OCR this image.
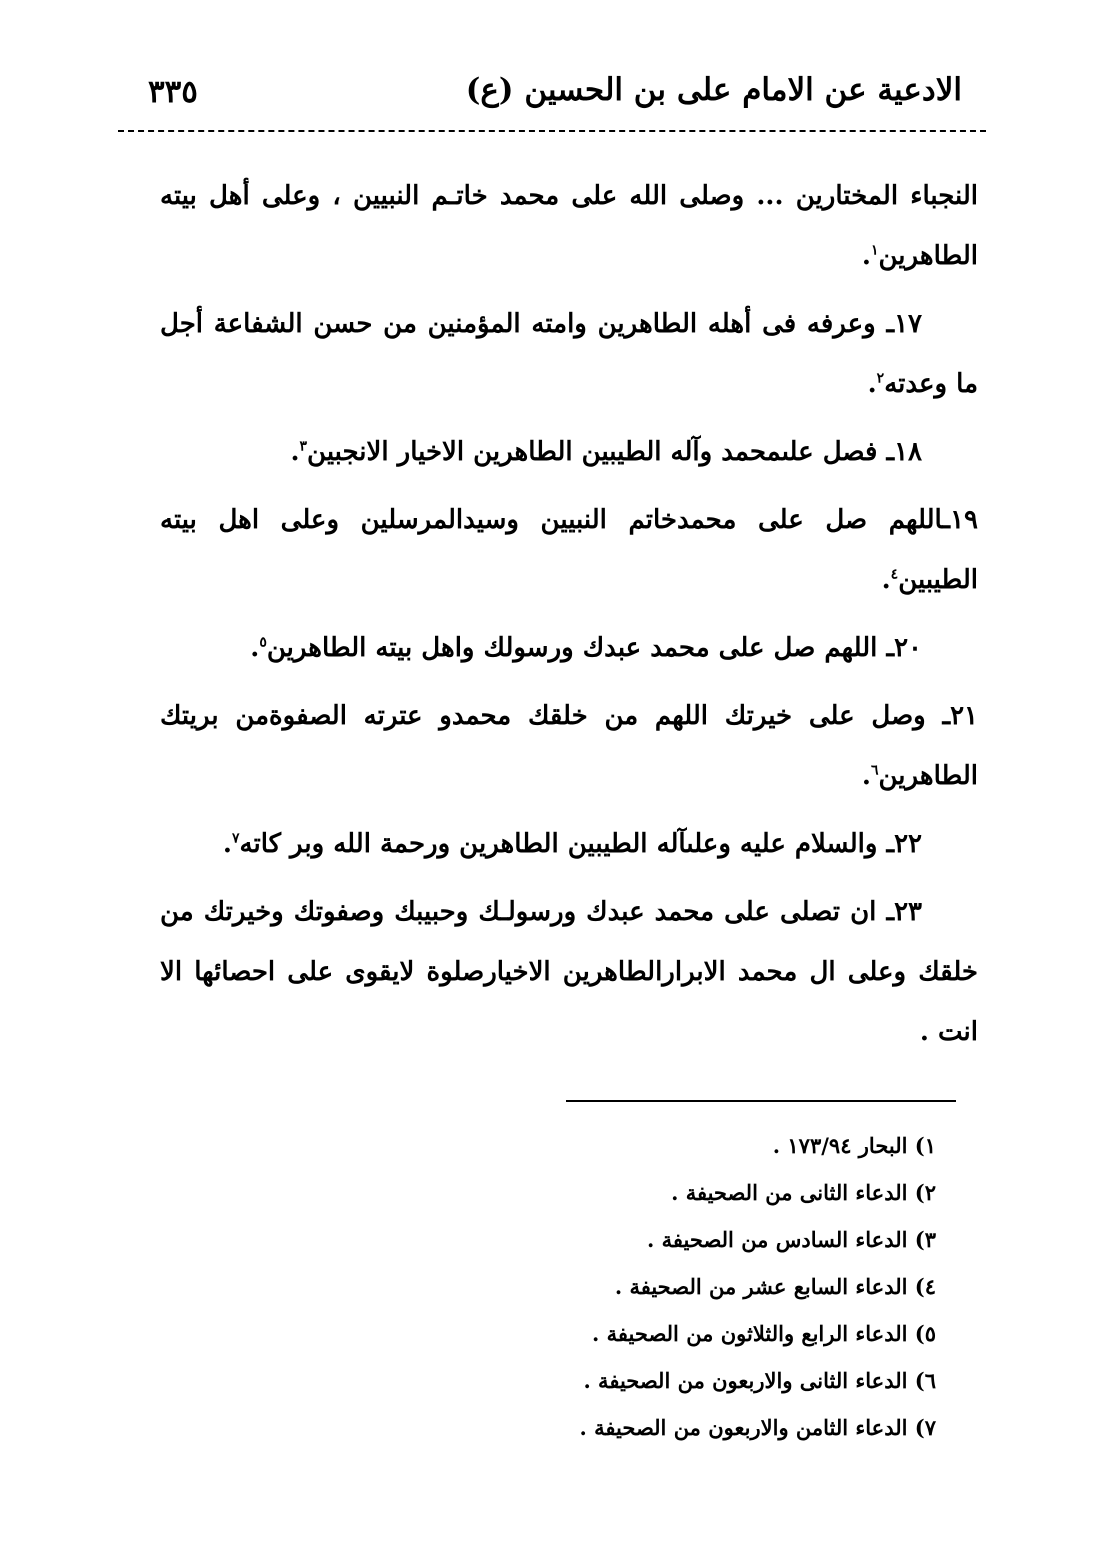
الادعية عن الامام على بن الحسين (ع)
٣٣٥

النجباء المختارين ... وصلى الله على محمد خاتـم النبيين ، وعلى أهل بيته الطاهرين$^١$.

١٧ـ وعرفه فى أهله الطاهرين وامته المؤمنين من حسن الشفاعة أجل ما وعدته$^٢$.

١٨ـ فصل علىمحمد وآله الطيبين الطاهرين الاخيار الانجبين$^٣$.

١٩ـاللهم صل على محمدخاتم النبيين وسيدالمرسلين وعلى اهل بيته الطيبين$^٤$.

٢٠ـ اللهم صل على محمد عبدك ورسولك واهل بيته الطاهرين$^٥$.

٢١ـ وصل على خيرتك اللهم من خلقك محمدو عترته الصفوةمن بريتك الطاهرين$^٦$.

٢٢ـ والسلام عليه وعلىآله الطيبين الطاهرين ورحمة الله وبر كاته$^٧$.

٢٣ـ ان تصلى على محمد عبدك ورسولـك وحبيبك وصفوتك وخيرتك من خلقك وعلى ال محمد الابرارالطاهرين الاخيارصلوة لايقوى على احصائها الا انت .

١) البحار ١٧٣/٩٤ .
٢) الدعاء الثانى من الصحيفة .
٣) الدعاء السادس من الصحيفة .
٤) الدعاء السابع عشر من الصحيفة .
٥) الدعاء الرابع والثلاثون من الصحيفة .
٦) الدعاء الثانى والاربعون من الصحيفة .
٧) الدعاء الثامن والاربعون من الصحيفة .
